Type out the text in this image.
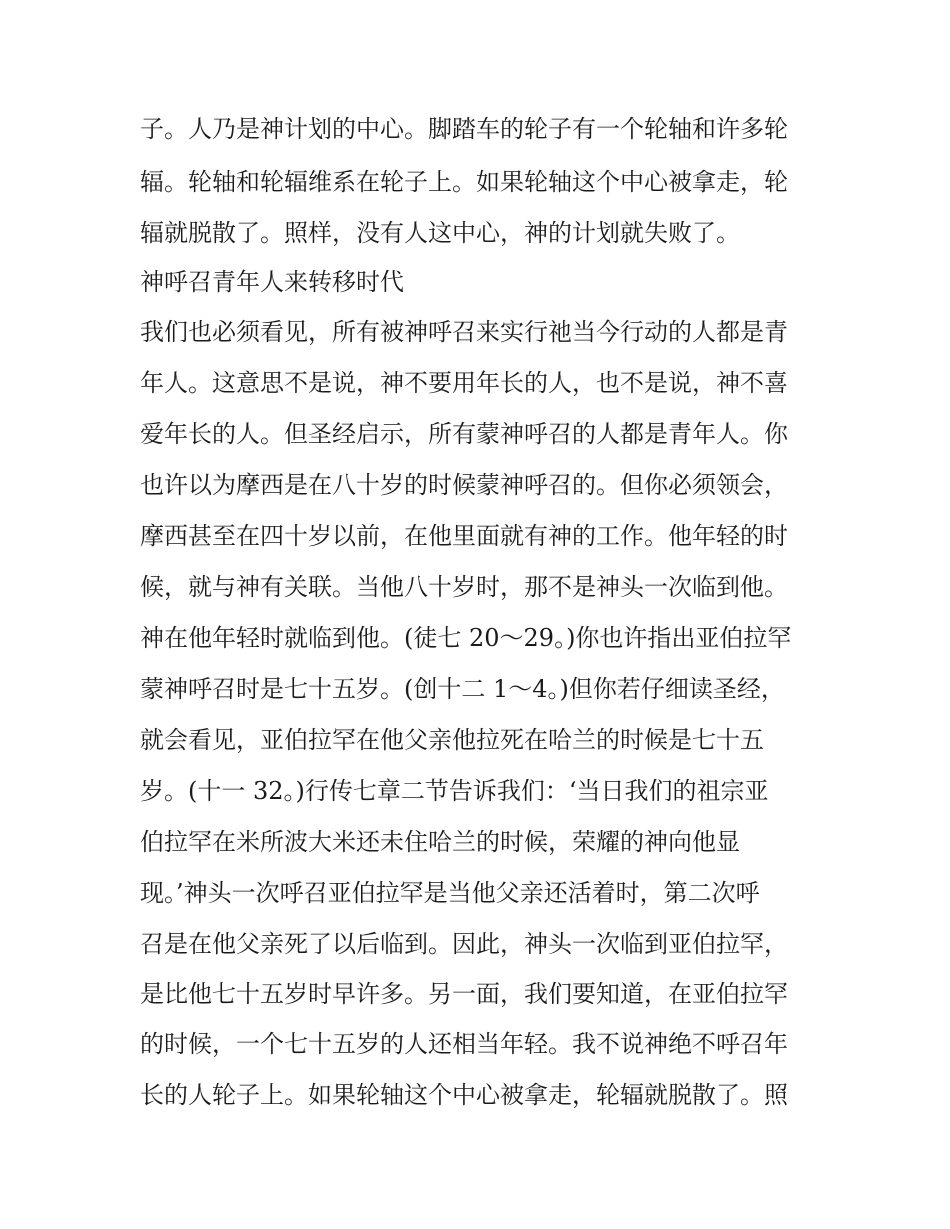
子。人乃是神计划的中心。脚踏车的轮子有一个轮轴和许多轮
辐。轮轴和轮辐维系在轮子上。如果轮轴这个中心被拿走，轮
辐就脱散了。照样，没有人这中心，神的计划就失败了。
神呼召青年人来转移时代
我们也必须看见，所有被神呼召来实行祂当今行动的人都是青
年人。这意思不是说，神不要用年长的人，也不是说，神不喜
爱年长的人。但圣经启示，所有蒙神呼召的人都是青年人。你
也许以为摩西是在八十岁的时候蒙神呼召的。但你必须领会，
摩西甚至在四十岁以前，在他里面就有神的工作。他年轻的时
候，就与神有关联。当他八十岁时，那不是神头一次临到他。
神在他年轻时就临到他。(徒七 20～29。)你也许指出亚伯拉罕
蒙神呼召时是七十五岁。(创十二 1～4。)但你若仔细读圣经，
就会看见，亚伯拉罕在他父亲他拉死在哈兰的时候是七十五
岁。(十一 32。)行传七章二节告诉我们：‘当日我们的祖宗亚
伯拉罕在米所波大米还未住哈兰的时候，荣耀的神向他显
现。’神头一次呼召亚伯拉罕是当他父亲还活着时，第二次呼
召是在他父亲死了以后临到。因此，神头一次临到亚伯拉罕，
是比他七十五岁时早许多。另一面，我们要知道，在亚伯拉罕
的时候，一个七十五岁的人还相当年轻。我不说神绝不呼召年
长的人轮子上。如果轮轴这个中心被拿走，轮辐就脱散了。照
